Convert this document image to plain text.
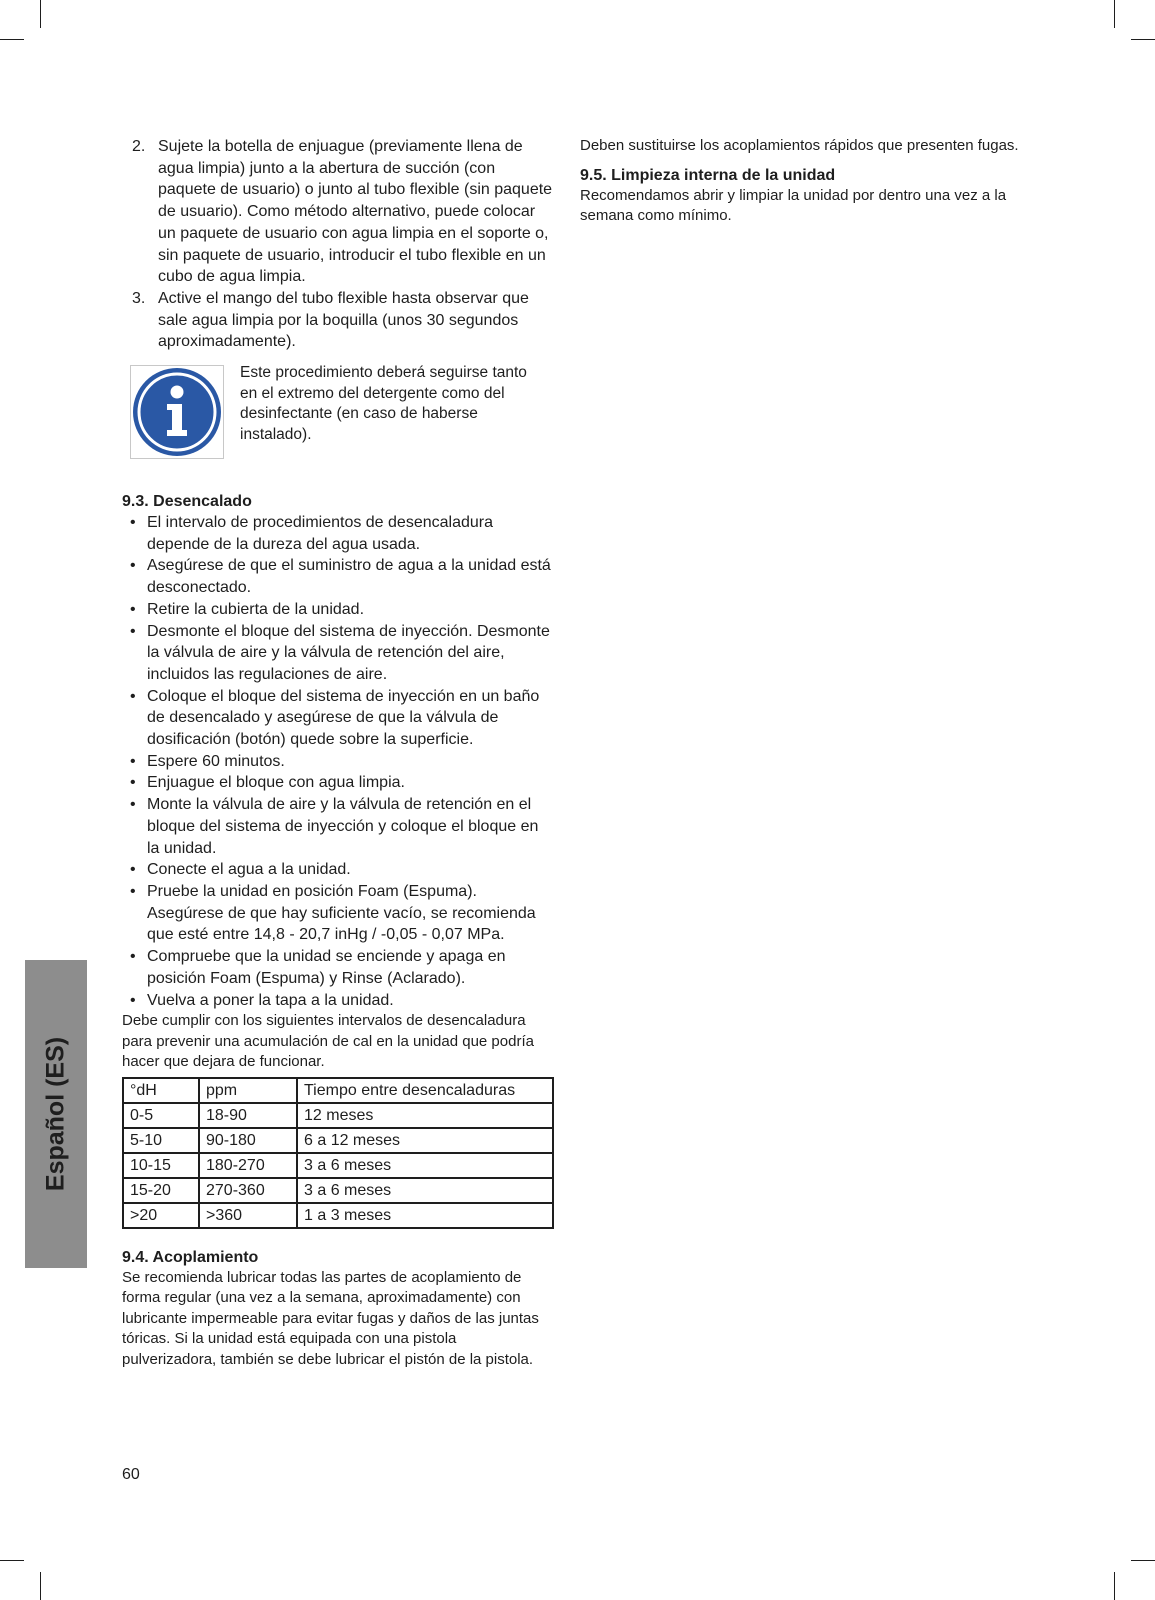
2. Sujete la botella de enjuague (previamente llena de agua limpia) junto a la abertura de succión (con paquete de usuario) o junto al tubo flexible (sin paquete de usuario). Como método alternativo, puede colocar un paquete de usuario con agua limpia en el soporte o, sin paquete de usuario, introducir el tubo flexible en un cubo de agua limpia.
3. Active el mango del tubo flexible hasta observar que sale agua limpia por la boquilla (unos 30 segundos aproximadamente).
Este procedimiento deberá seguirse tanto en el extremo del detergente como del desinfectante (en caso de haberse instalado).
9.3. Desencalado
• El intervalo de procedimientos de desencaladura depende de la dureza del agua usada.
• Asegúrese de que el suministro de agua a la unidad está desconectado.
• Retire la cubierta de la unidad.
• Desmonte el bloque del sistema de inyección. Desmonte la válvula de aire y la válvula de retención del aire, incluidos las regulaciones de aire.
• Coloque el bloque del sistema de inyección en un baño de desencalado y asegúrese de que la válvula de dosificación (botón) quede sobre la superficie.
• Espere 60 minutos.
• Enjuague el bloque con agua limpia.
• Monte la válvula de aire y la válvula de retención en el bloque del sistema de inyección y coloque el bloque en la unidad.
• Conecte el agua a la unidad.
• Pruebe la unidad en posición Foam (Espuma). Asegúrese de que hay suficiente vacío, se recomienda que esté entre 14,8 - 20,7 inHg / -0,05 - 0,07 MPa.
• Compruebe que la unidad se enciende y apaga en posición Foam (Espuma) y Rinse (Aclarado).
• Vuelva a poner la tapa a la unidad.

Debe cumplir con los siguientes intervalos de desencaladura para prevenir una acumulación de cal en la unidad que podría hacer que dejara de funcionar.

°dH	ppm	Tiempo entre desencaladuras
0-5	18-90	12 meses
5-10	90-180	6 a 12 meses
10-15	180-270	3 a 6 meses
15-20	270-360	3 a 6 meses
>20	>360	1 a 3 meses
9.4. Acoplamiento

Se recomienda lubricar todas las partes de acoplamiento de forma regular (una vez a la semana, aproximadamente) con lubricante impermeable para evitar fugas y daños de las juntas tóricas. Si la unidad está equipada con una pistola pulverizadora, también se debe lubricar el pistón de la pistola.

Deben sustituirse los acoplamientos rápidos que presenten fugas.

9.5. Limpieza interna de la unidad

Recomendamos abrir y limpiar la unidad por dentro una vez a la semana como mínimo.

Español (ES)
60
